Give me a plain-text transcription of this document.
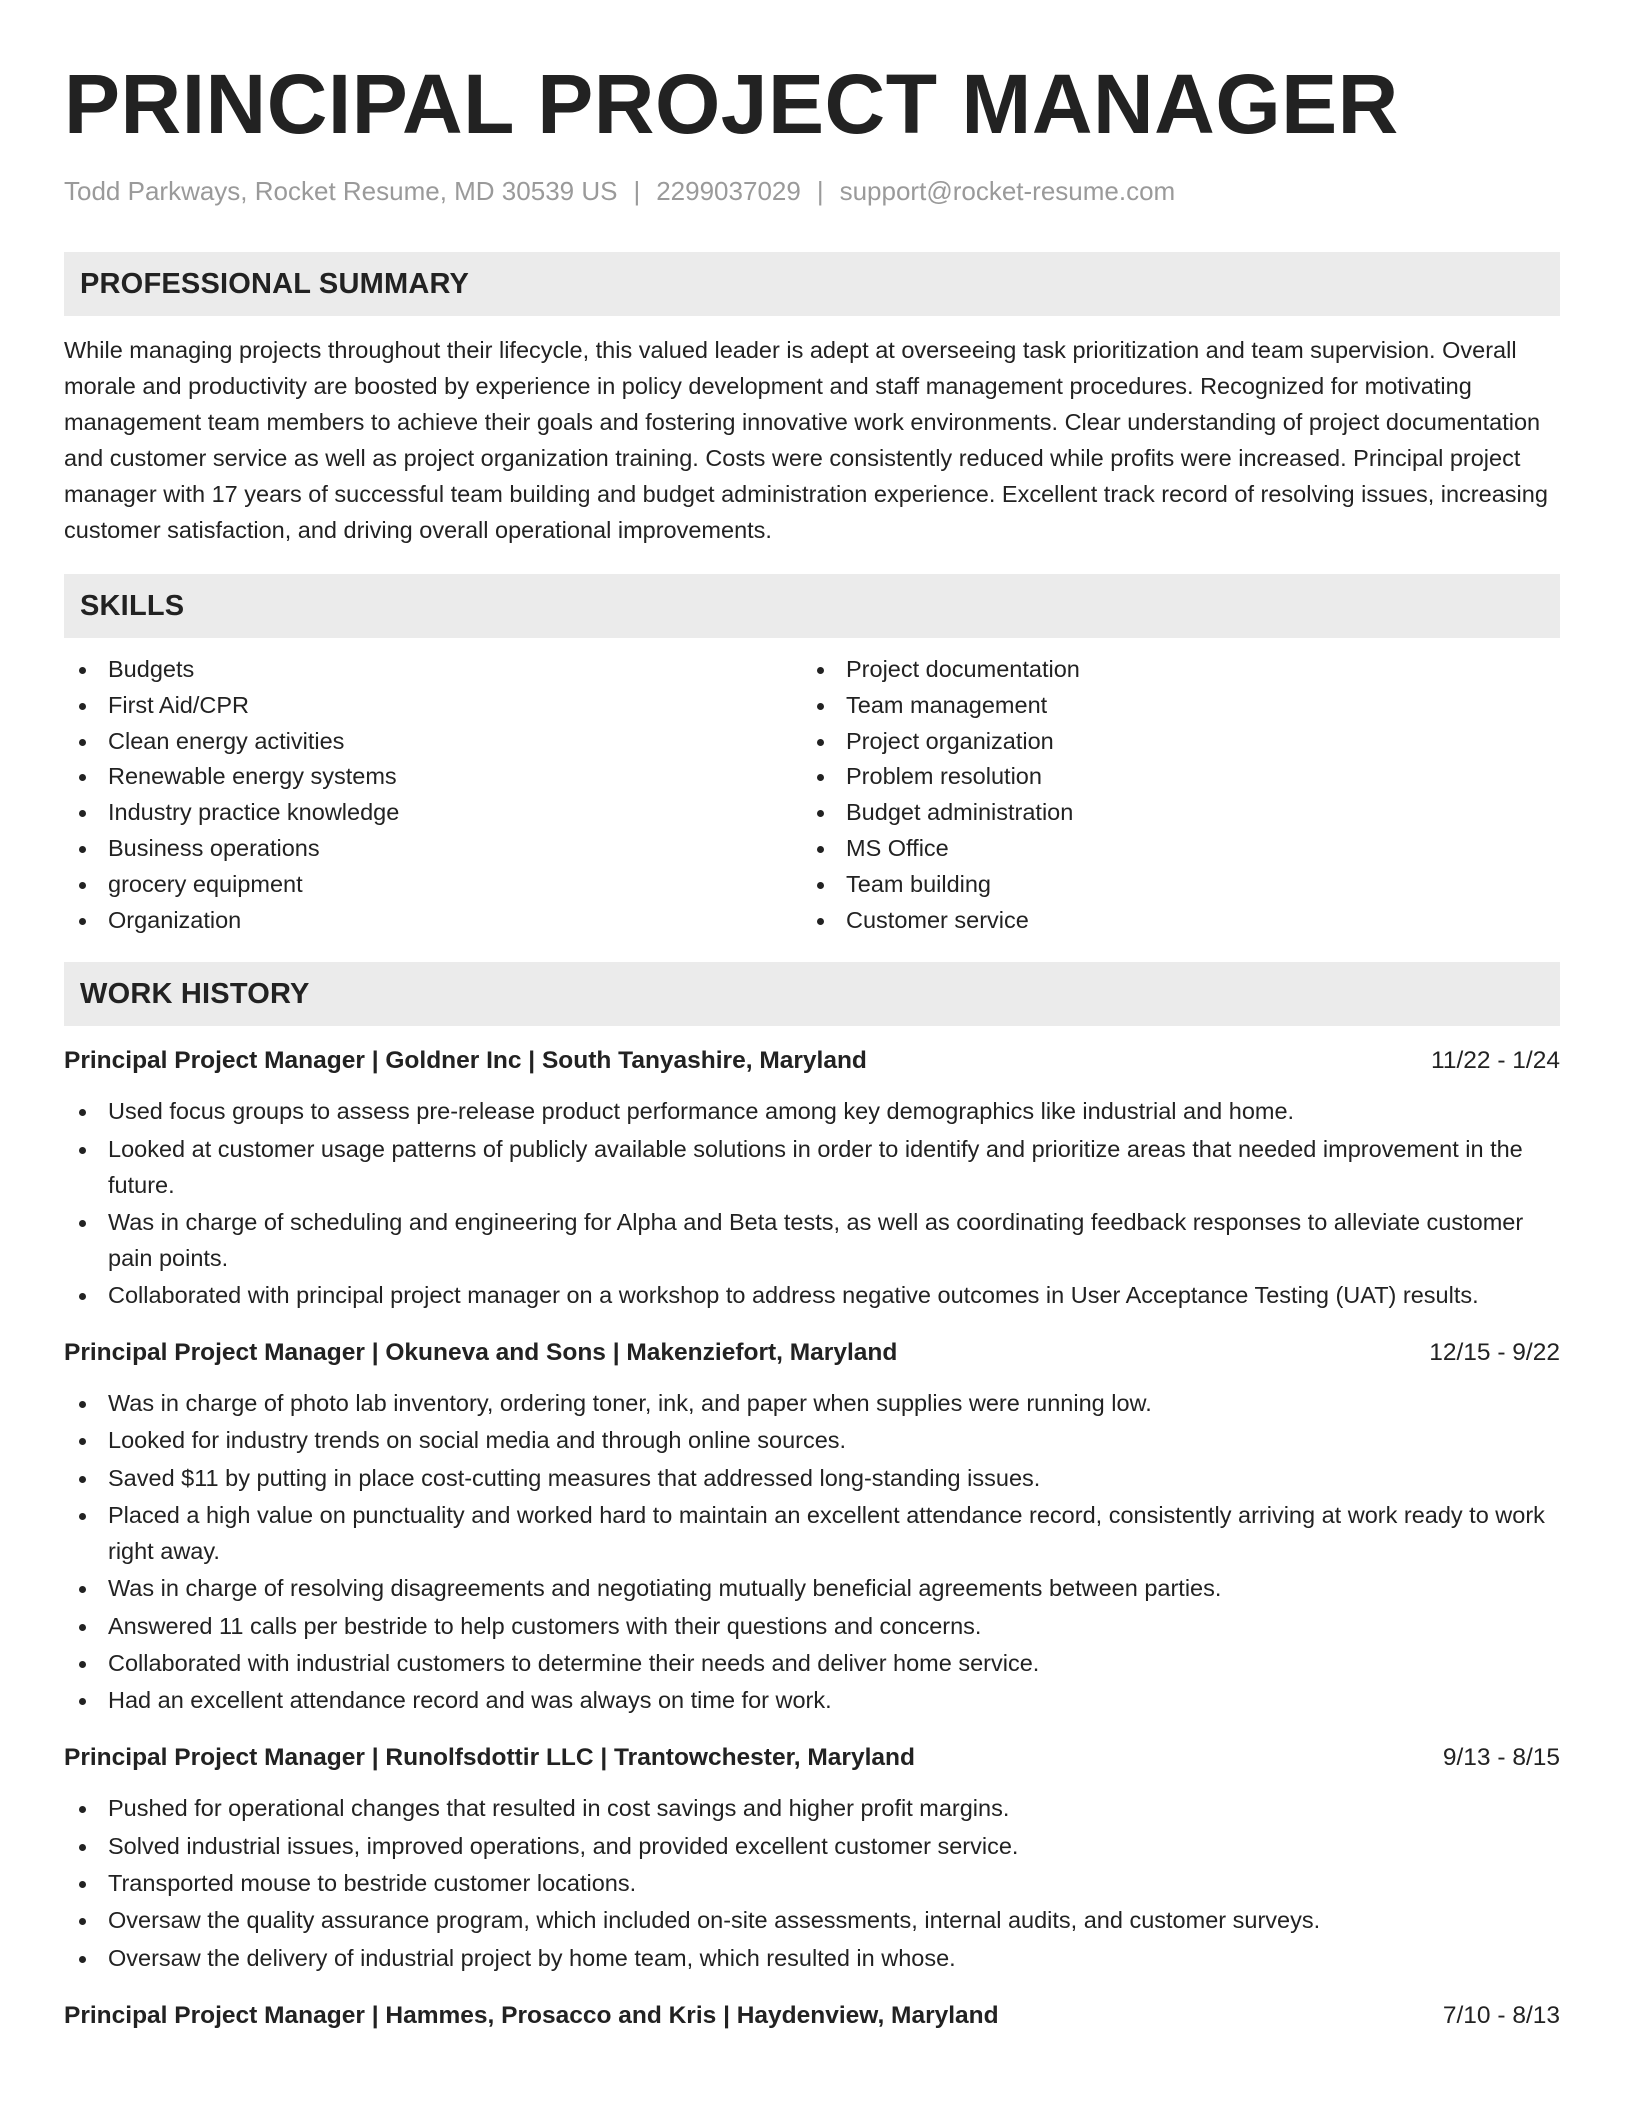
PRINCIPAL PROJECT MANAGER
Todd Parkways, Rocket Resume, MD 30539 US | 2299037029 | support@rocket-resume.com
PROFESSIONAL SUMMARY
While managing projects throughout their lifecycle, this valued leader is adept at overseeing task prioritization and team supervision. Overall morale and productivity are boosted by experience in policy development and staff management procedures. Recognized for motivating management team members to achieve their goals and fostering innovative work environments. Clear understanding of project documentation and customer service as well as project organization training. Costs were consistently reduced while profits were increased. Principal project manager with 17 years of successful team building and budget administration experience. Excellent track record of resolving issues, increasing customer satisfaction, and driving overall operational improvements.
SKILLS
Budgets
First Aid/CPR
Clean energy activities
Renewable energy systems
Industry practice knowledge
Business operations
grocery equipment
Organization
Project documentation
Team management
Project organization
Problem resolution
Budget administration
MS Office
Team building
Customer service
WORK HISTORY
Principal Project Manager | Goldner Inc | South Tanyashire, Maryland	11/22 - 1/24
Used focus groups to assess pre-release product performance among key demographics like industrial and home.
Looked at customer usage patterns of publicly available solutions in order to identify and prioritize areas that needed improvement in the future.
Was in charge of scheduling and engineering for Alpha and Beta tests, as well as coordinating feedback responses to alleviate customer pain points.
Collaborated with principal project manager on a workshop to address negative outcomes in User Acceptance Testing (UAT) results.
Principal Project Manager | Okuneva and Sons | Makenziefort, Maryland	12/15 - 9/22
Was in charge of photo lab inventory, ordering toner, ink, and paper when supplies were running low.
Looked for industry trends on social media and through online sources.
Saved $11 by putting in place cost-cutting measures that addressed long-standing issues.
Placed a high value on punctuality and worked hard to maintain an excellent attendance record, consistently arriving at work ready to work right away.
Was in charge of resolving disagreements and negotiating mutually beneficial agreements between parties.
Answered 11 calls per bestride to help customers with their questions and concerns.
Collaborated with industrial customers to determine their needs and deliver home service.
Had an excellent attendance record and was always on time for work.
Principal Project Manager | Runolfsdottir LLC | Trantowchester, Maryland	9/13 - 8/15
Pushed for operational changes that resulted in cost savings and higher profit margins.
Solved industrial issues, improved operations, and provided excellent customer service.
Transported mouse to bestride customer locations.
Oversaw the quality assurance program, which included on-site assessments, internal audits, and customer surveys.
Oversaw the delivery of industrial project by home team, which resulted in whose.
Principal Project Manager | Hammes, Prosacco and Kris | Haydenview, Maryland	7/10 - 8/13
